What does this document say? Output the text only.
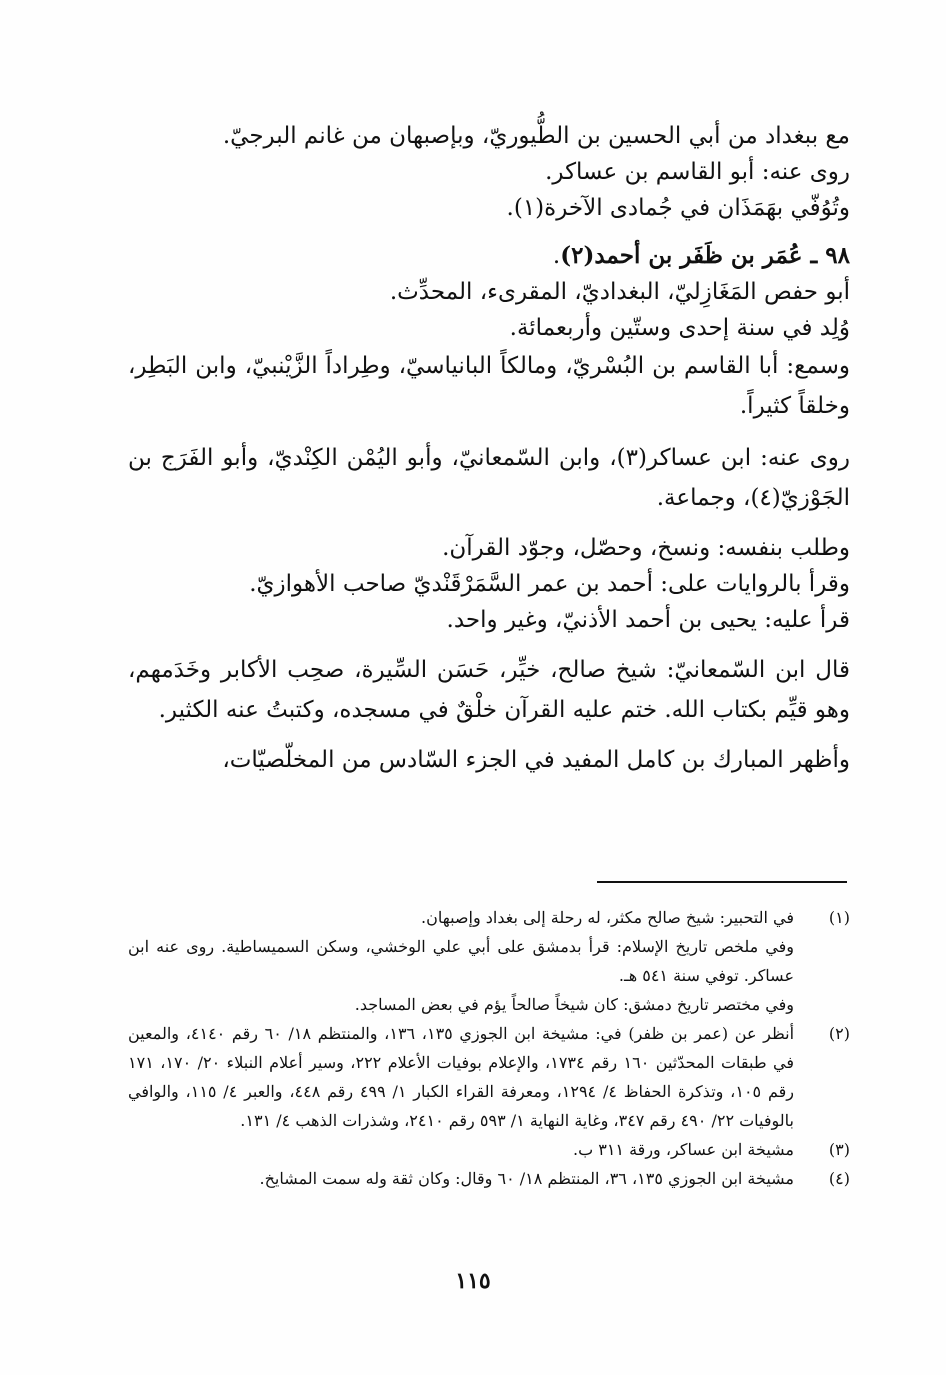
مع ببغداد من أبي الحسين بن الطُّيوريّ، وبإصبهان من غانم البرجيّ.

روى عنه: أبو القاسم بن عساكر.

وتُوُفّي بهَمَذَان في جُمادى الآخرة(١).

٩٨ ـ عُمَر بن ظَفَر بن أحمد(٢).

أبو حفص المَغَازِليّ، البغداديّ، المقرىء، المحدِّث.

وُلِد في سنة إحدى وستّين وأربعمائة.

وسمع: أبا القاسم بن البُسْريّ، ومالكاً البانياسيّ، وطِراداً الزَّيْنبيّ، وابن البَطِر، وخلقاً كثيراً.

روى عنه: ابن عساكر(٣)، وابن السّمعانيّ، وأبو اليُمْن الكِنْديّ، وأبو الفَرَج بن الجَوْزيّ(٤)، وجماعة.

وطلب بنفسه: ونسخ، وحصّل، وجوّد القرآن.

وقرأ بالروايات على: أحمد بن عمر السَّمَرْقَنْديّ صاحب الأهوازيّ.

قرأ عليه: يحيى بن أحمد الأذنيّ، وغير واحد.

قال ابن السّمعانيّ: شيخ صالح، خيِّر، حَسَن السِّيرة، صحِب الأكابر وخَدَمهم، وهو قيِّم بكتاب الله. ختم عليه القرآن خلْقٌ في مسجده، وكتبتُ عنه الكثير.

وأظهر المبارك بن كامل المفيد في الجزء السّادس من المخلّصيّات،

(١)
في التحبير: شيخ صالح مكثر، له رحلة إلى بغداد وإصبهان.
وفي ملخص تاريخ الإسلام: قرأ بدمشق على أبي علي الوخشي، وسكن السميساطية. روى عنه ابن عساكر. توفي سنة ٥٤١ هـ.
وفي مختصر تاريخ دمشق: كان شيخاً صالحاً يؤم في بعض المساجد.
(٢)
أنظر عن (عمر بن ظفر) في: مشيخة ابن الجوزي ١٣٥، ١٣٦، والمنتظم ١٨/ ٦٠ رقم ٤١٤٠، والمعين في طبقات المحدّثين ١٦٠ رقم ١٧٣٤، والإعلام بوفيات الأعلام ٢٢٢، وسير أعلام النبلاء ٢٠/ ١٧٠، ١٧١ رقم ١٠٥، وتذكرة الحفاظ ٤/ ١٢٩٤، ومعرفة القراء الكبار ١/ ٤٩٩ رقم ٤٤٨، والعبر ٤/ ١١٥، والوافي بالوفيات ٢٢/ ٤٩٠ رقم ٣٤٧، وغاية النهاية ١/ ٥٩٣ رقم ٢٤١٠، وشذرات الذهب ٤/ ١٣١.
(٣)
مشيخة ابن عساكر، ورقة ٣١١ ب.
(٤)
مشيخة ابن الجوزي ١٣٥، ٣٦، المنتظم ١٨/ ٦٠ وقال: وكان ثقة وله سمت المشايخ.
١١٥
